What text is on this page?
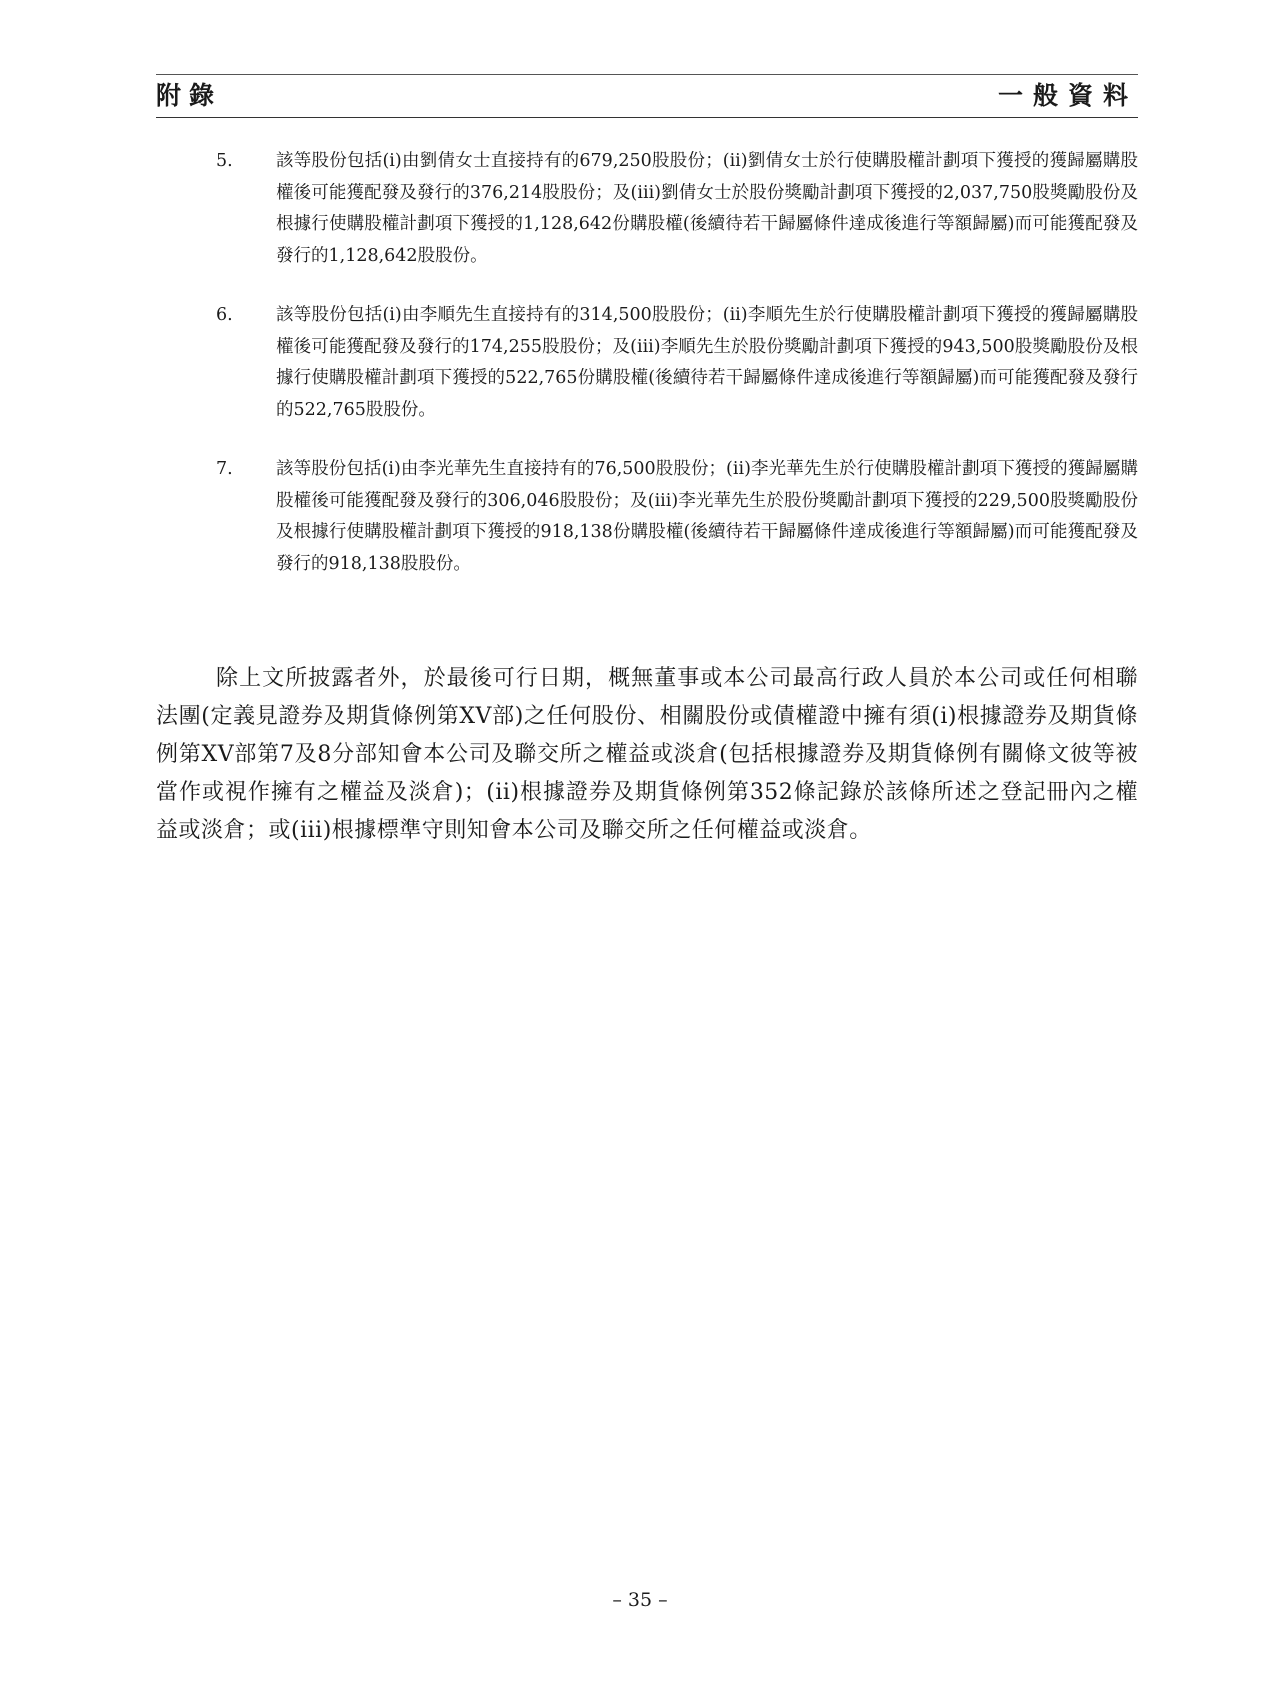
附錄	一般資料
5. 該等股份包括(i)由劉倩女士直接持有的679,250股股份；(ii)劉倩女士於行使購股權計劃項下獲授的獲歸屬購股權後可能獲配發及發行的376,214股股份；及(iii)劉倩女士於股份獎勵計劃項下獲授的2,037,750股獎勵股份及根據行使購股權計劃項下獲授的1,128,642份購股權(後續待若干歸屬條件達成後進行等額歸屬)而可能獲配發及發行的1,128,642股股份。
6. 該等股份包括(i)由李順先生直接持有的314,500股股份；(ii)李順先生於行使購股權計劃項下獲授的獲歸屬購股權後可能獲配發及發行的174,255股股份；及(iii)李順先生於股份獎勵計劃項下獲授的943,500股獎勵股份及根據行使購股權計劃項下獲授的522,765份購股權(後續待若干歸屬條件達成後進行等額歸屬)而可能獲配發及發行的522,765股股份。
7. 該等股份包括(i)由李光華先生直接持有的76,500股股份；(ii)李光華先生於行使購股權計劃項下獲授的獲歸屬購股權後可能獲配發及發行的306,046股股份；及(iii)李光華先生於股份獎勵計劃項下獲授的229,500股獎勵股份及根據行使購股權計劃項下獲授的918,138份購股權(後續待若干歸屬條件達成後進行等額歸屬)而可能獲配發及發行的918,138股股份。

除上文所披露者外，於最後可行日期，概無董事或本公司最高行政人員於本公司或任何相聯法團(定義見證券及期貨條例第XV部)之任何股份、相關股份或債權證中擁有須(i)根據證券及期貨條例第XV部第7及8分部知會本公司及聯交所之權益或淡倉(包括根據證券及期貨條例有關條文彼等被當作或視作擁有之權益及淡倉)；(ii)根據證券及期貨條例第352條記錄於該條所述之登記冊內之權益或淡倉；或(iii)根據標準守則知會本公司及聯交所之任何權益或淡倉。

– 35 –
